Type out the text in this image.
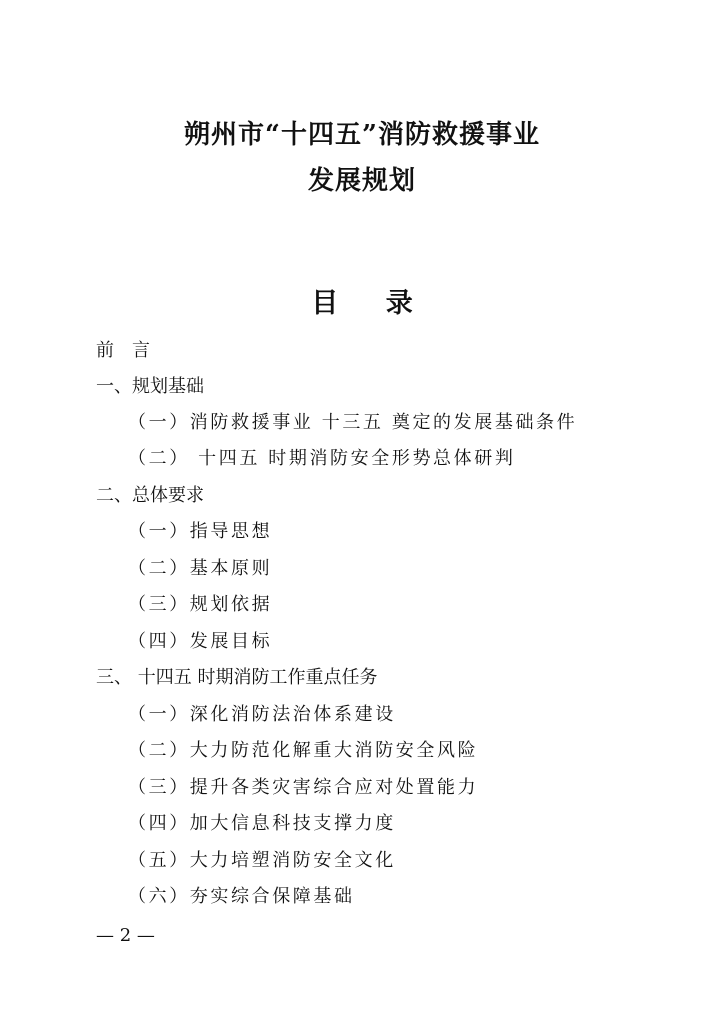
朔州市“十四五”消防救援事业
发展规划
目 录
前　言
一、规划基础
（一）消防救援事业 十三五 奠定的发展基础条件
（二） 十四五 时期消防安全形势总体研判
二、总体要求
（一）指导思想
（二）基本原则
（三）规划依据
（四）发展目标
三、 十四五 时期消防工作重点任务
（一）深化消防法治体系建设
（二）大力防范化解重大消防安全风险
（三）提升各类灾害综合应对处置能力
（四）加大信息科技支撑力度
（五）大力培塑消防安全文化
（六）夯实综合保障基础
— 2 —
